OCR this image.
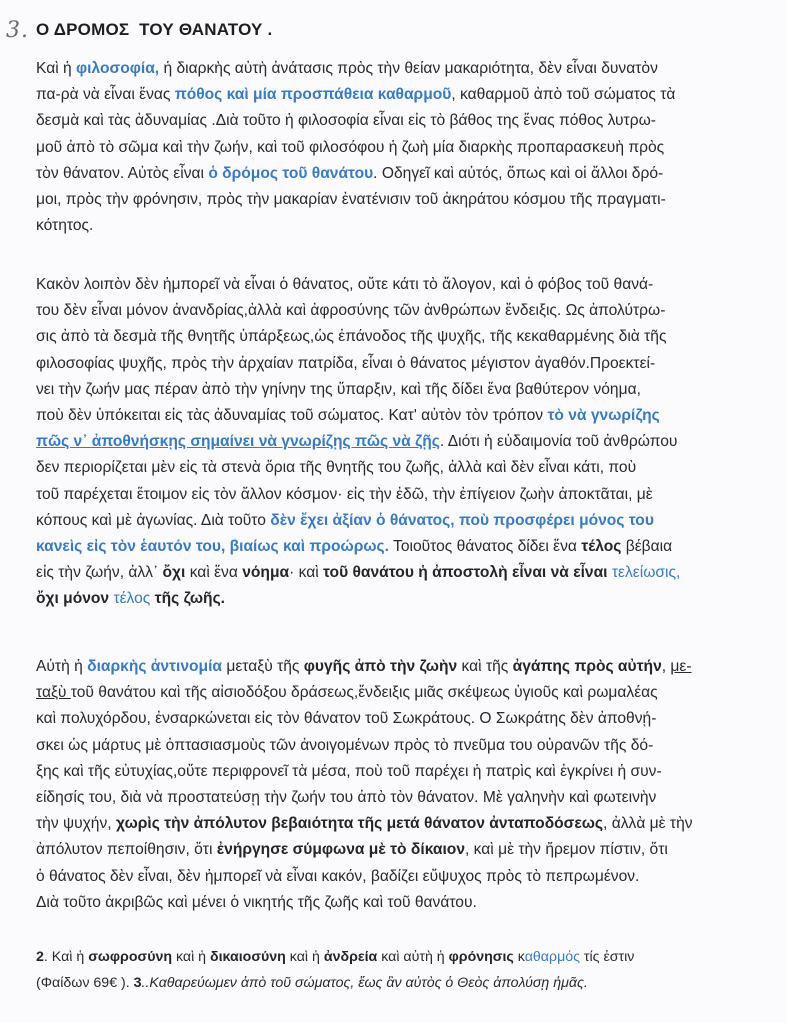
3. Ο ΔΡΟΜΟΣ  ΤΟΥ ΘΑΝΑΤΟΥ .
Καὶ ἡ φιλοσοφία, ἡ διαρκὴς αὐτὴ ἀνάτασις πρὸς τὴν θείαν μακαριότητα, δὲν εἶναι δυνατὸν
πα-ρὰ νὰ εἶναι ἕνας πόθος καὶ μία προσπάθεια καθαρμοῦ, καθαρμοῦ ἀπὸ τοῦ σώματος τὰ
δεσμὰ καὶ τὰς ἀδυναμίας .Διὰ τοῦτο ἡ φιλοσοφία εἶναι εἰς τὸ βάθος της ἕνας πόθος λυτρω-
μοῦ ἀπὸ τὸ σῶμα καὶ τὴν ζωήν, καὶ τοῦ φιλοσόφου ἡ ζωὴ μία διαρκὴς προπαρασκευὴ πρὸς
τὸν θάνατον. Αὐτὸς εἶναι ὁ δρόμος τοῦ θανάτου. Οδηγεῖ καὶ αὐτός, ὅπως καὶ οἱ ἄλλοι δρό-
μοι, πρὸς τὴν φρόνησιν, πρὸς τὴν μακαρίαν ἐνατένισιν τοῦ ἀκηράτου κόσμου τῆς πραγματι-
κότητος.
Κακὸν λοιπὸν δὲν ἠμπορεῖ νὰ εἶναι ὁ θάνατος, οὔτε κάτι τὸ ἄλογον, καὶ ὁ φόβος τοῦ θανά-
του δὲν εἶναι μόνον ἀνανδρίας,ἀλλὰ καὶ ἀφροσύνης τῶν ἀνθρώπων ἔνδειξις. Ως ἀπολύτρω-
σις ἀπὸ τὰ δεσμὰ τῆς θνητῆς ὑπάρξεως,ὡς ἐπάνοδος τῆς ψυχῆς, τῆς κεκαθαρμένης διὰ τῆς
φιλοσοφίας ψυχῆς, πρὸς τὴν ἀρχαίαν πατρίδα, εἶναι ὁ θάνατος μέγιστον ἀγαθόν.Προεκτεί-
νει τὴν ζωήν μας πέραν ἀπὸ τὴν γηίνην της ὕπαρξιν, καὶ τῆς δίδει ἕνα βαθύτερον νόημα,
ποὺ δὲν ὑπόκειται εἰς τὰς ἀδυναμίας τοῦ σώματος. Κατ' αὐτὸν τὸν τρόπον τὸ νὰ γνωρίζης
πῶς ν᾽ ἀποθνήσκῃς σημαίνει νὰ γνωρίζῃς πῶς νὰ ζῇς. Διότι ἡ εὐδαιμονία τοῦ ἀνθρώπου
δεν περιορίζεται μὲν εἰς τὰ στενὰ ὅρια τῆς θνητῆς του ζωῆς, ἀλλὰ καὶ δὲν εἶναι κάτι, ποὺ
τοῦ παρέχεται ἕτοιμον εἰς τὸν ἄλλον κόσμον· εἰς τὴν ἐδῶ, τὴν ἐπίγειον ζωὴν ἀποκτᾶται, μὲ
κόπους καὶ μὲ ἀγωνίας. Διὰ τοῦτο δὲν ἔχει ἀξίαν ὁ θάνατος, ποὺ προσφέρει μόνος του
κανεὶς εἰς τὸν ἑαυτόν του, βιαίως καὶ προώρως. Τοιοῦτος θάνατος δίδει ἕνα τέλος βέβαια
εἰς τὴν ζωήν, ἀλλ᾽ ὄχι καὶ ἕνα νόημα· καὶ τοῦ θανάτου ἡ ἀποστολὴ εἶναι νὰ εἶναι τελείωσις,
ὄχι μόνον τέλος τῆς ζωῆς.
Αὐτὴ ἡ διαρκὴς ἀντινομία μεταξὺ τῆς φυγῆς ἀπὸ τὴν ζωὴν καὶ τῆς ἀγάπης πρὸς αὐτήν, με-
ταξὺ τοῦ θανάτου καὶ τῆς αἰσιοδόξου δράσεως,ἔνδειξις μιᾶς σκέψεως ὑγιοῦς καὶ ρωμαλέας
καὶ πολυχόρδου, ἐνσαρκώνεται εἰς τὸν θάνατον τοῦ Σωκράτους. Ο Σωκράτης δὲν ἀποθνῄ-
σκει ὡς μάρτυς μὲ ὀπτασιασμοὺς τῶν ἀνοιγομένων πρὸς τὸ πνεῦμα του οὐρανῶν τῆς δό-
ξης καὶ τῆς εὐτυχίας,οὔτε περιφρονεῖ τὰ μέσα, ποὺ τοῦ παρέχει ἡ πατρὶς καὶ ἐγκρίνει ἡ συν-
είδησίς του, διὰ νὰ προστατεύσῃ τὴν ζωήν του ἀπὸ τὸν θάνατον. Μὲ γαληνὴν καὶ φωτεινὴν
τὴν ψυχήν, χωρὶς τὴν ἀπόλυτον βεβαιότητα τῆς μετά θάνατον ἀνταποδόσεως, ἀλλὰ μὲ τὴν
ἀπόλυτον πεποίθησιν, ὅτι ἐνήργησε σύμφωνα μὲ τὸ δίκαιον, καὶ μὲ τὴν ἤρεμον πίστιν, ὅτι
ὁ θάνατος δὲν εἶναι, δὲν ἠμπορεῖ νὰ εἶναι κακόν, βαδίζει εὔψυχος πρὸς τὸ πεπρωμένον.
Διὰ τοῦτο ἀκριβῶς καὶ μένει ὁ νικητής τῆς ζωῆς καὶ τοῦ θανάτου.
2. Καὶ ἡ σωφροσύνη καὶ ἡ δικαιοσύνη καὶ ἡ ἀνδρεία καὶ αὐτὴ ἡ φρόνησις καθαρμός τίς ἐστιν
(Φαίδων 69€ ). 3..Καθαρεύωμεν ἀπὸ τοῦ σώματος, ἕως ἂν αὐτὸς ὁ Θεὸς ἀπολύσῃ ἡμᾶς.
